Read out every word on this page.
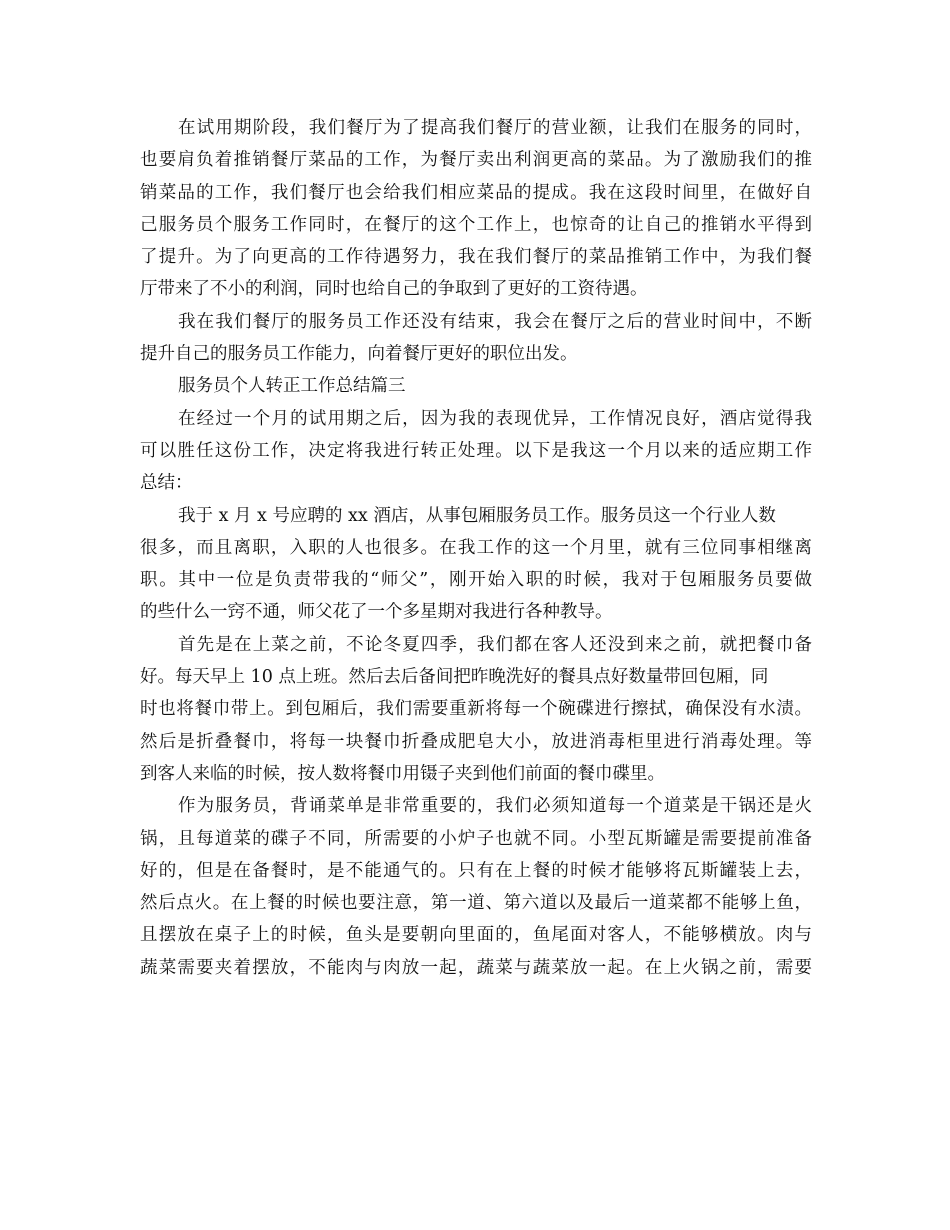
在试用期阶段，我们餐厅为了提高我们餐厅的营业额，让我们在服务的同时，
也要肩负着推销餐厅菜品的工作，为餐厅卖出利润更高的菜品。为了激励我们的推
销菜品的工作，我们餐厅也会给我们相应菜品的提成。我在这段时间里，在做好自
己服务员个服务工作同时，在餐厅的这个工作上，也惊奇的让自己的推销水平得到
了提升。为了向更高的工作待遇努力，我在我们餐厅的菜品推销工作中，为我们餐
厅带来了不小的利润，同时也给自己的争取到了更好的工资待遇。
我在我们餐厅的服务员工作还没有结束，我会在餐厅之后的营业时间中，不断
提升自己的服务员工作能力，向着餐厅更好的职位出发。
服务员个人转正工作总结篇三
在经过一个月的试用期之后，因为我的表现优异，工作情况良好，酒店觉得我
可以胜任这份工作，决定将我进行转正处理。以下是我这一个月以来的适应期工作
总结：
我于 x 月 x 号应聘的 xx 酒店，从事包厢服务员工作。服务员这一个行业人数
很多，而且离职，入职的人也很多。在我工作的这一个月里，就有三位同事相继离
职。其中一位是负责带我的“师父”，刚开始入职的时候，我对于包厢服务员要做
的些什么一窍不通，师父花了一个多星期对我进行各种教导。
首先是在上菜之前，不论冬夏四季，我们都在客人还没到来之前，就把餐巾备
好。每天早上 10 点上班。然后去后备间把昨晚洗好的餐具点好数量带回包厢，同
时也将餐巾带上。到包厢后，我们需要重新将每一个碗碟进行擦拭，确保没有水渍。
然后是折叠餐巾，将每一块餐巾折叠成肥皂大小，放进消毒柜里进行消毒处理。等
到客人来临的时候，按人数将餐巾用镊子夹到他们前面的餐巾碟里。
作为服务员，背诵菜单是非常重要的，我们必须知道每一个道菜是干锅还是火
锅，且每道菜的碟子不同，所需要的小炉子也就不同。小型瓦斯罐是需要提前准备
好的，但是在备餐时，是不能通气的。只有在上餐的时候才能够将瓦斯罐装上去，
然后点火。在上餐的时候也要注意，第一道、第六道以及最后一道菜都不能够上鱼，
且摆放在桌子上的时候，鱼头是要朝向里面的，鱼尾面对客人，不能够横放。肉与
蔬菜需要夹着摆放，不能肉与肉放一起，蔬菜与蔬菜放一起。在上火锅之前，需要
